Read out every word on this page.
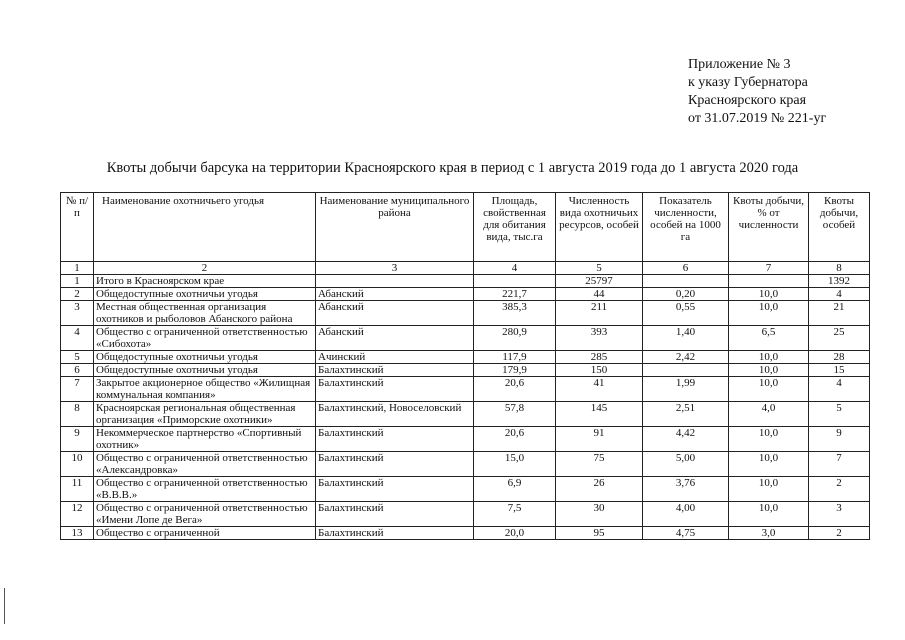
Приложение № 3
к указу Губернатора
Красноярского края
от 31.07.2019 № 221-уг
Квоты добычи барсука на территории Красноярского края в период с 1 августа 2019 года до 1 августа 2020 года
№ п/п	Наименование охотничьего угодья	Наименование муниципального района	Площадь, свойственная для обитания вида, тыс.га	Численность вида охотничьих ресурсов, особей	Показатель численности, особей на 1000 га	Квоты добычи, % от численности	Квоты добычи, особей
1	2	3	4	5	6	7	8
1	Итого в Красноярском крае			25797			1392
2	Общедоступные охотничьи угодья	Абанский	221,7	44	0,20	10,0	4
3	Местная общественная организация охотников и рыболовов Абанского района	Абанский	385,3	211	0,55	10,0	21
4	Общество с ограниченной ответственностью «Сибохота»	Абанский	280,9	393	1,40	6,5	25
5	Общедоступные охотничьи угодья	Ачинский	117,9	285	2,42	10,0	28
6	Общедоступные охотничьи угодья	Балахтинский	179,9	150		10,0	15
7	Закрытое акционерное общество «Жилищная коммунальная компания»	Балахтинский	20,6	41	1,99	10,0	4
8	Красноярская региональная общественная организация «Приморские охотники»	Балахтинский, Новоселовский	57,8	145	2,51	4,0	5
9	Некоммерческое партнерство «Спортивный охотник»	Балахтинский	20,6	91	4,42	10,0	9
10	Общество с ограниченной ответственностью «Александровка»	Балахтинский	15,0	75	5,00	10,0	7
11	Общество с ограниченной ответственностью «В.В.В.»	Балахтинский	6,9	26	3,76	10,0	2
12	Общество с ограниченной ответственностью «Имени Лопе де Вега»	Балахтинский	7,5	30	4,00	10,0	3
13	Общество с ограниченной	Балахтинский	20,0	95	4,75	3,0	2
